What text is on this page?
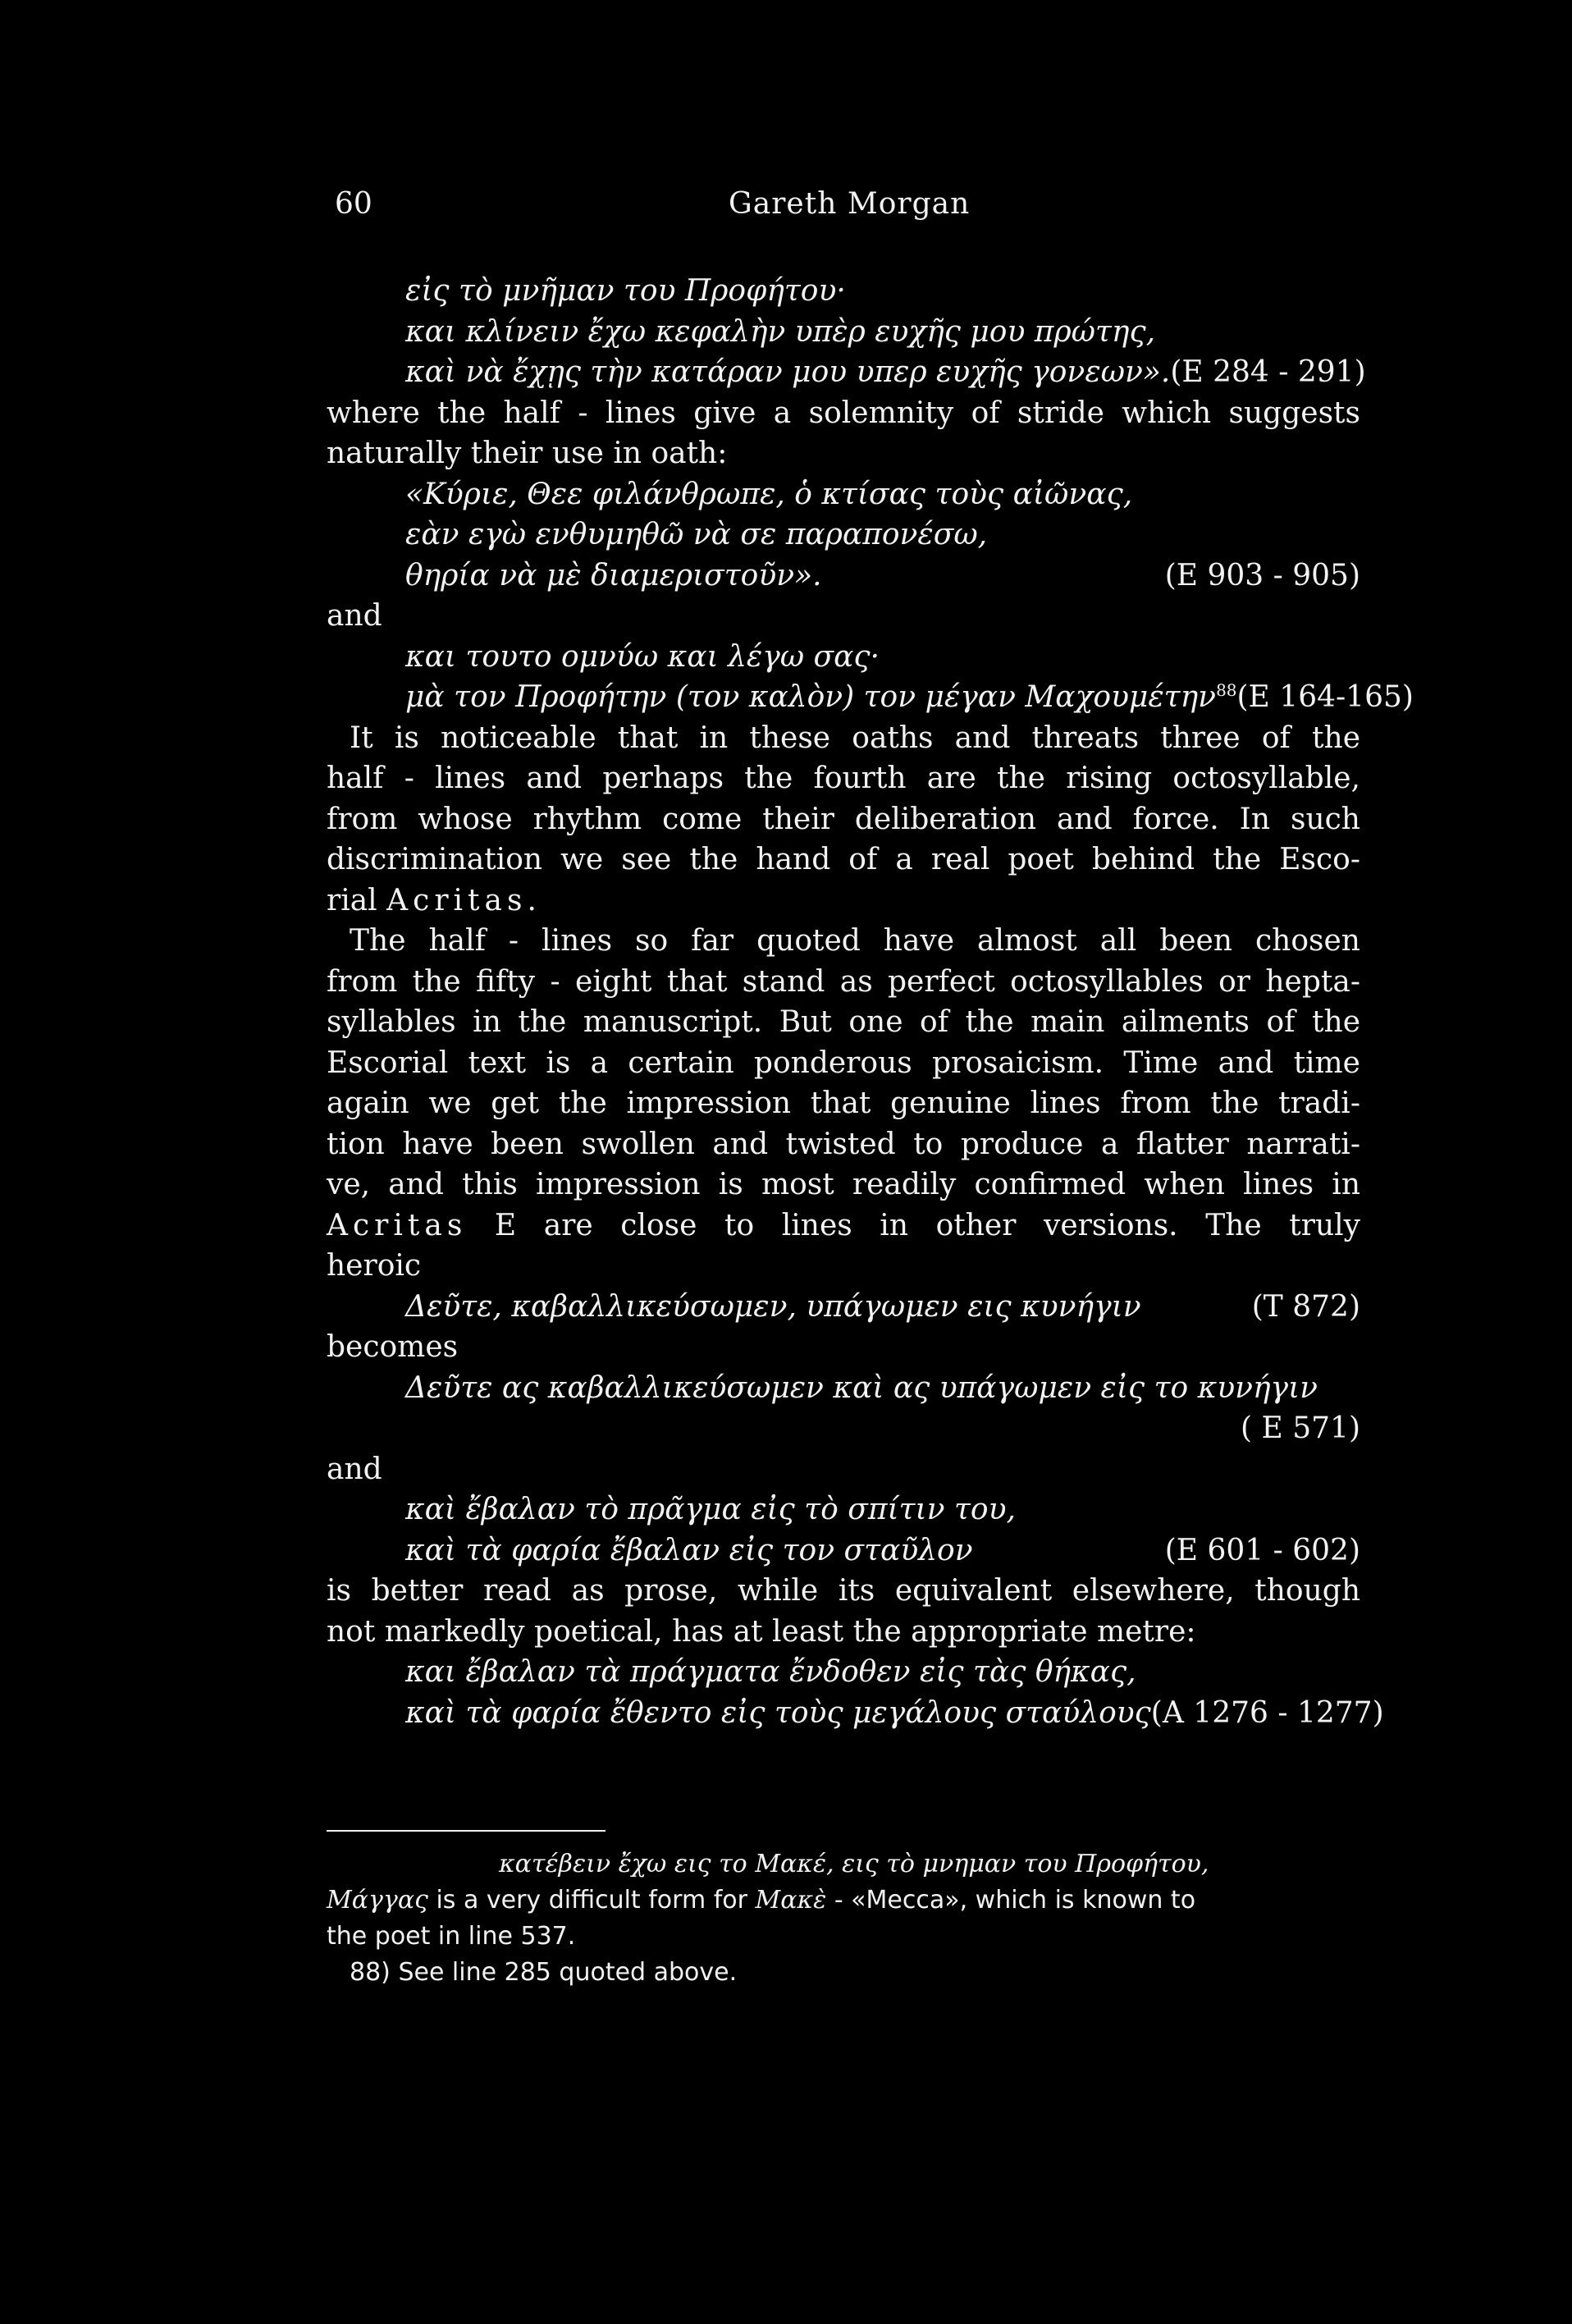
60	Gareth Morgan
εἰς τὸ μνῆμαν του Προφήτου·
και κλίνειν ἔχω κεφαλὴν υπὲρ ευχῆς μου πρώτης,
καὶ νὰ ἔχῃς τὴν κατάραν μου υπερ ευχῆς γονεων». (E 284 - 291)
where the half - lines give a solemnity of stride which suggests
naturally their use in oath:
«Κύριε, Θεε φιλάνθρωπε, ὁ κτίσας τοὺς αἰῶνας,
εὰν εγὼ ενθυμηθῶ νὰ σε παραπονέσω,
θηρία νὰ μὲ διαμεριστοῦν».	(E 903 - 905)
and
και τουτο ομνύω και λέγω σας·
μὰ τον Προφήτην (τον καλὸν) τον μέγαν Μαχουμέτην$^{88}$ (E 164-165)
It is noticeable that in these oaths and threats three of the
half - lines and perhaps the fourth are the rising octosyllable,
from whose rhythm come their deliberation and force. In such
discrimination we see the hand of a real poet behind the Esco-
rial Acritas.
The half - lines so far quoted have almost all been chosen
from the fifty - eight that stand as perfect octosyllables or hepta-
syllables in the manuscript. But one of the main ailments of the
Escorial text is a certain ponderous prosaicism. Time and time
again we get the impression that genuine lines from the tradi-
tion have been swollen and twisted to produce a flatter narrati-
ve, and this impression is most readily confirmed when lines in
Acritas E are close to lines in other versions. The truly
heroic
Δεῦτε, καβαλλικεύσωμεν, υπάγωμεν εις κυνήγιν	(T 872)
becomes
Δεῦτε ας καβαλλικεύσωμεν καὶ ας υπάγωμεν εἰς το κυνήγιν
( E 571)
and
καὶ ἔβαλαν τὸ πρᾶγμα εἰς τὸ σπίτιν του,
καὶ τὰ φαρία ἔβαλαν εἰς τον σταῦλον	(E 601 - 602)
is better read as prose, while its equivalent elsewhere, though
not markedly poetical, has at least the appropriate metre:
και ἔβαλαν τὰ πράγματα ἔνδοθεν εἰς τὰς θήκας,
καὶ τὰ φαρία ἔθεντο εἰς τοὺς μεγάλους σταύλους (A 1276 - 1277)
κατέβειν ἔχω εις το Μακέ, εις τὸ μνημαν του Προφήτου,
Μάγγας is a very difficult form for Μακὲ - «Mecca», which is known to
the poet in line 537.
88) See line 285 quoted above.
